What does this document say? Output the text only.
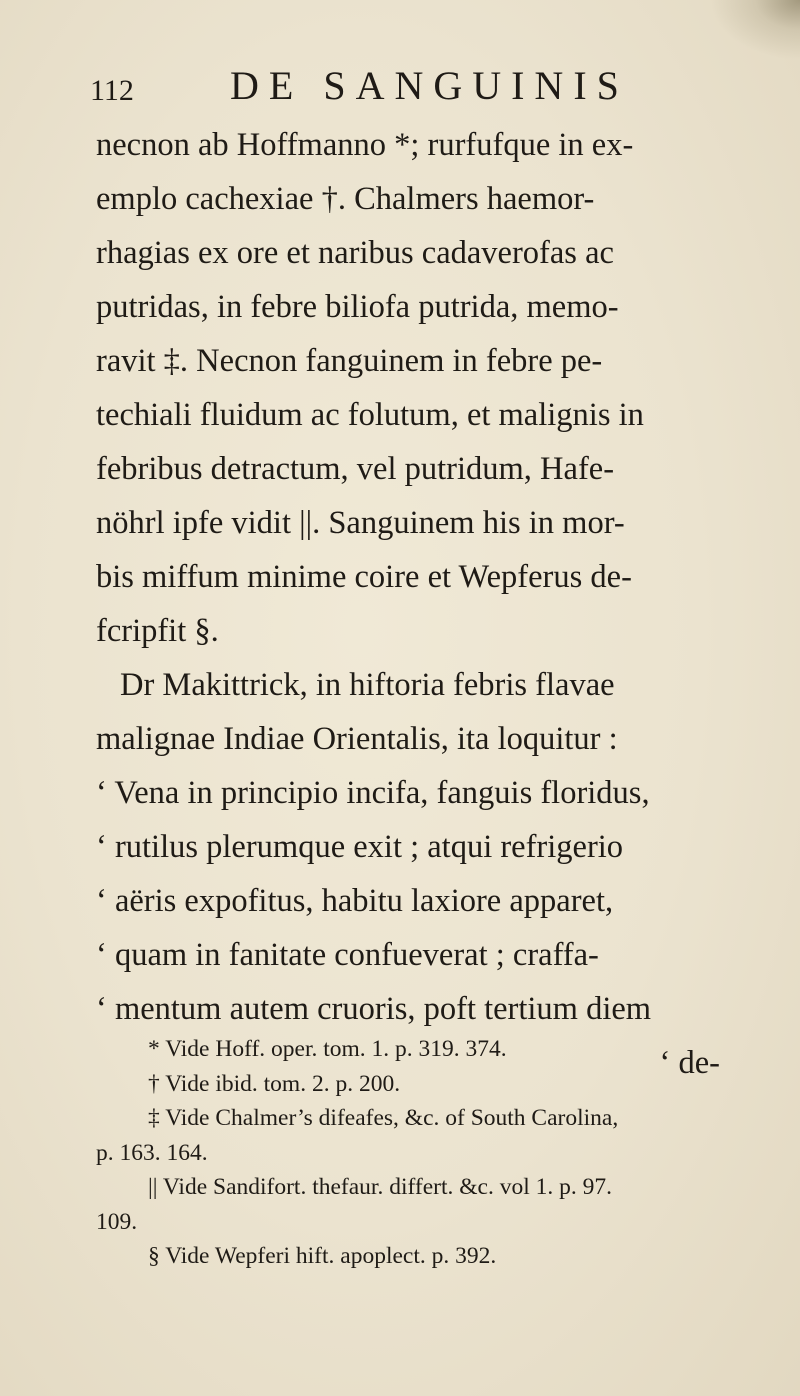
112 DE SANGUINIS
necnon ab Hoffmanno *; rurfufque in ex-
emplo cachexiae †. Chalmers haemor-
rhagias ex ore et naribus cadaverofas ac
putridas, in febre biliofa putrida, memo-
ravit ‡. Necnon fanguinem in febre pe-
techiali fluidum ac folutum, et malignis in
febribus detractum, vel putridum, Hafe-
nöhrl ipfe vidit ||. Sanguinem his in mor-
bis miffum minime coire et Wepferus de-
fcripfit §.
Dr Makittrick, in hiftoria febris flavae
malignae Indiae Orientalis, ita loquitur :
‘ Vena in principio incifa, fanguis floridus,
‘ rutilus plerumque exit ; atqui refrigerio
‘ aëris expofitus, habitu laxiore apparet,
‘ quam in fanitate confueverat ; craffa-
‘ mentum autem cruoris, poft tertium diem
‘ de-
* Vide Hoff. oper. tom. 1. p. 319. 374.
† Vide ibid. tom. 2. p. 200.
‡ Vide Chalmer’s difeafes, &c. of South Carolina,
p. 163. 164.
|| Vide Sandifort. thefaur. differt. &c. vol 1. p. 97.
109.
§ Vide Wepferi hift. apoplect. p. 392.
